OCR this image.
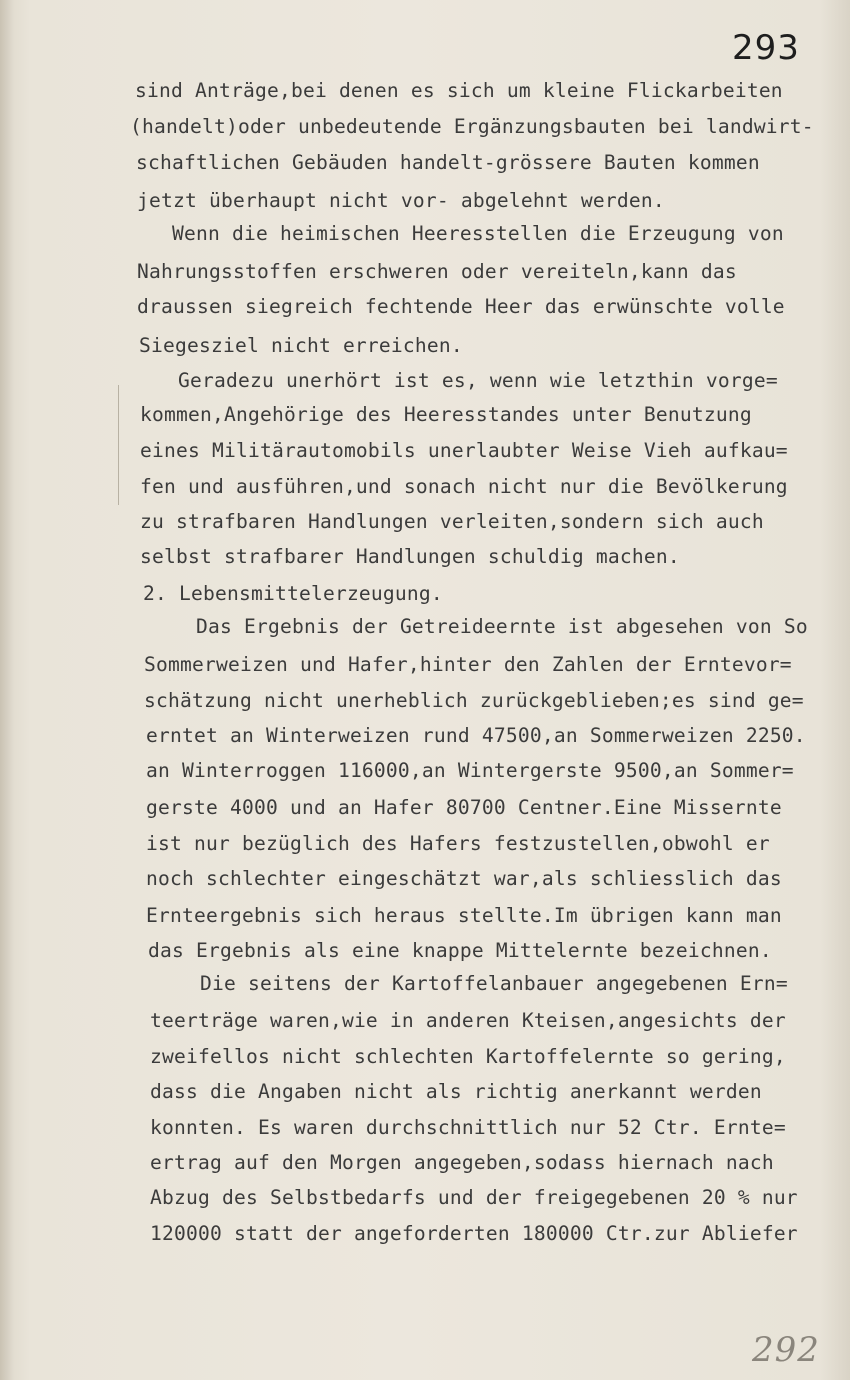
293
sind Anträge,bei denen es sich um kleine Flickarbeiten
(handelt)oder unbedeutende Ergänzungsbauten bei landwirt-
schaftlichen Gebäuden handelt-grössere Bauten kommen
jetzt überhaupt nicht vor- abgelehnt werden.
Wenn die heimischen Heeresstellen die Erzeugung von
Nahrungsstoffen erschweren oder vereiteln,kann das
draussen siegreich fechtende Heer das erwünschte volle
Siegesziel nicht erreichen.
Geradezu unerhört ist es, wenn wie letzthin vorge=
kommen,Angehörige des Heeresstandes unter Benutzung
eines Militärautomobils unerlaubter Weise Vieh aufkau=
fen und ausführen,und sonach nicht nur die Bevölkerung
zu strafbaren Handlungen verleiten,sondern sich auch
selbst strafbarer Handlungen schuldig machen.
2. Lebensmittelerzeugung.
Das Ergebnis der Getreideernte ist abgesehen von So
Sommerweizen und Hafer,hinter den Zahlen der Erntevor=
schätzung nicht unerheblich zurückgeblieben;es sind ge=
erntet an Winterweizen rund 47500,an Sommerweizen 2250.
an Winterroggen 116000,an Wintergerste 9500,an Sommer=
gerste 4000 und an Hafer 80700 Centner.Eine Missernte
ist nur bezüglich des Hafers festzustellen,obwohl er
noch schlechter eingeschätzt war,als schliesslich das
Ernteergebnis sich heraus stellte.Im übrigen kann man
das Ergebnis als eine knappe Mittelernte bezeichnen.
Die seitens der Kartoffelanbauer angegebenen Ern=
teerträge waren,wie in anderen Kteisen,angesichts der
zweifellos nicht schlechten Kartoffelernte so gering,
dass die Angaben nicht als richtig anerkannt werden
konnten. Es waren durchschnittlich nur 52 Ctr. Ernte=
ertrag auf den Morgen angegeben,sodass hiernach nach
Abzug des Selbstbedarfs und der freigegebenen 20 % nur
120000 statt der angeforderten 180000 Ctr.zur Abliefer
292
